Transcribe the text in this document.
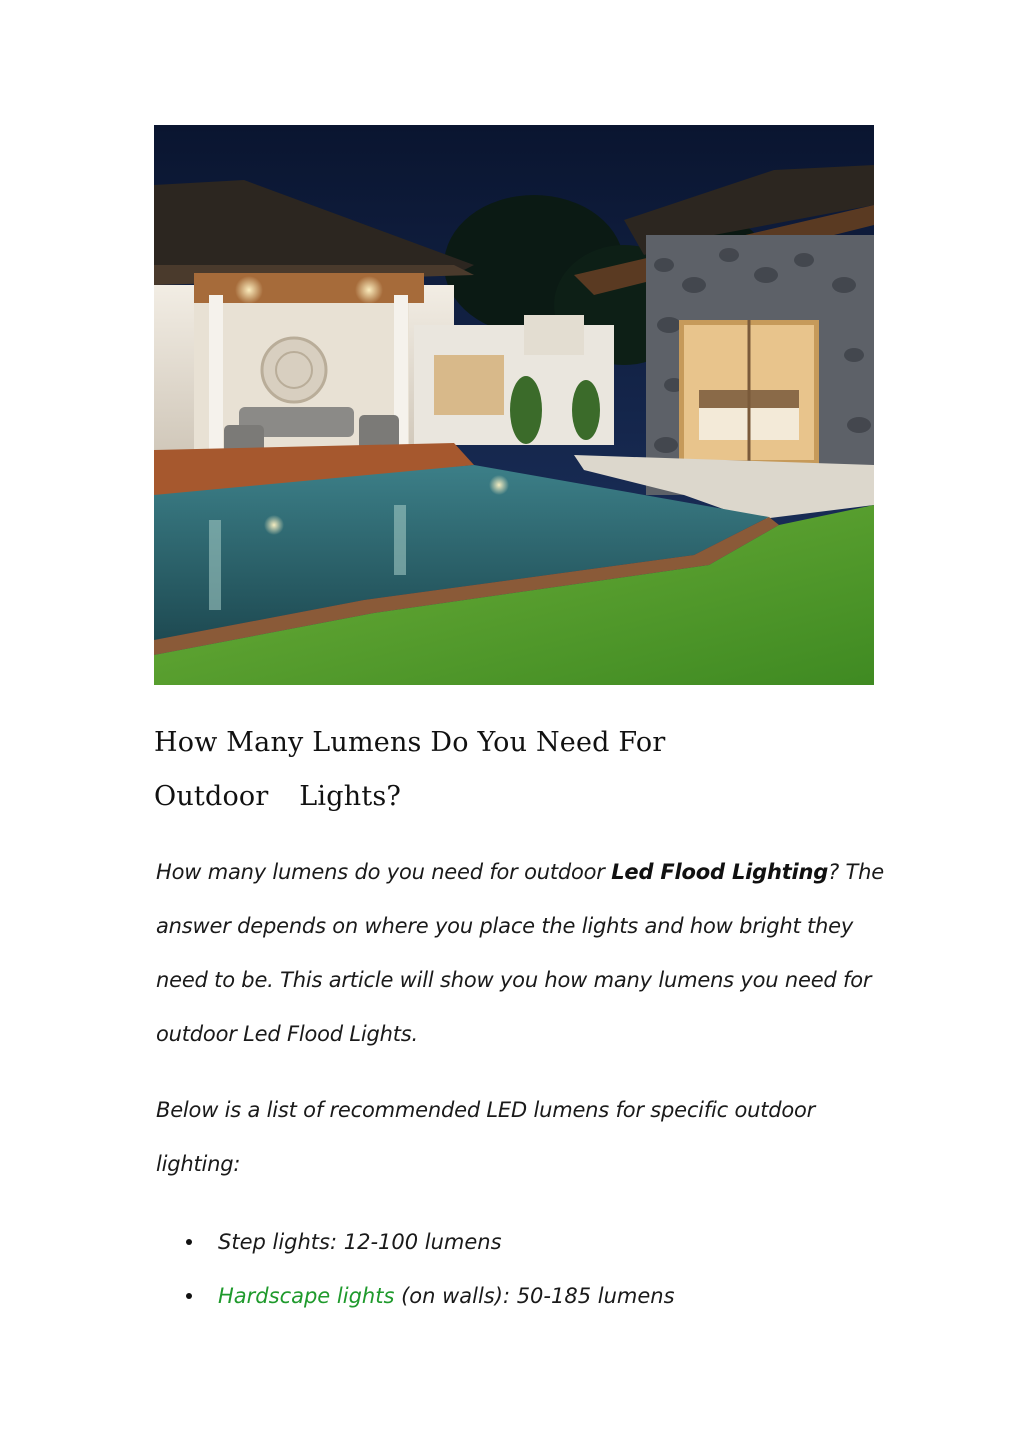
How Many Lumens Do You Need For
Outdoor Lights?
How many lumens do you need for outdoor Led Flood Lighting? The answer depends on where you place the lights and how bright they need to be. This article will show you how many lumens you need for outdoor Led Flood Lights.
Below is a list of recommended LED lumens for specific outdoor lighting:
Step lights: 12-100 lumens
Hardscape lights (on walls): 50-185 lumens
